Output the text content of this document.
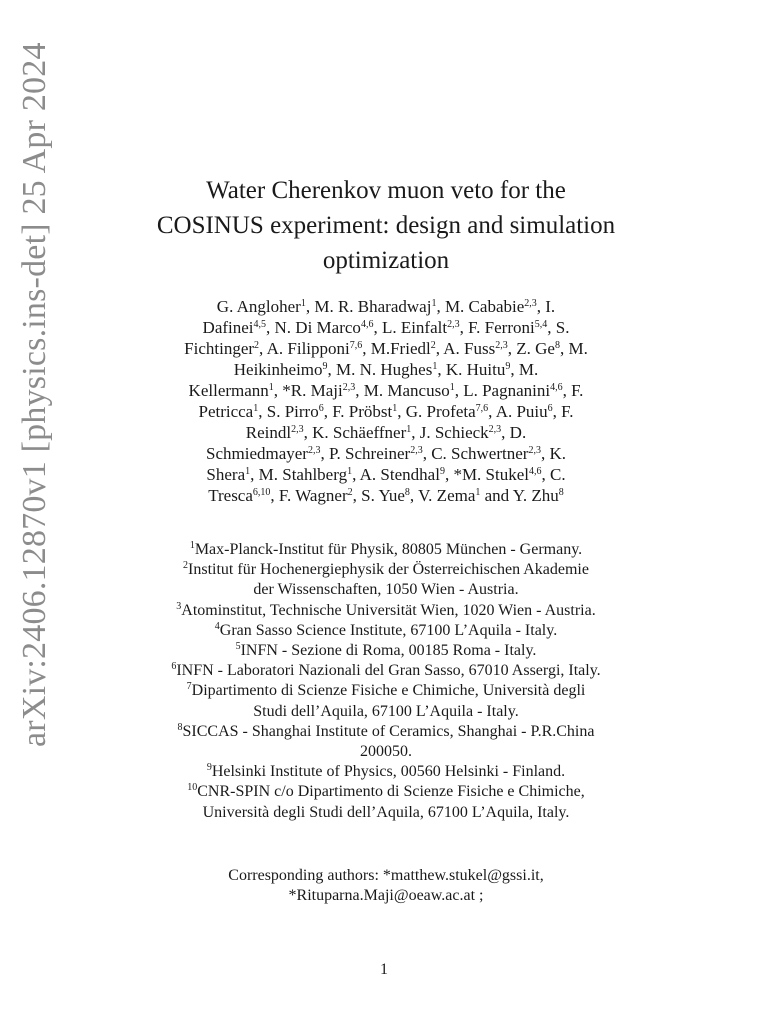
arXiv:2406.12870v1 [physics.ins-det] 25 Apr 2024	Water Cherenkov muon veto for the
COSINUS experiment: design and simulation
optimization
G. Angloher$^1$, M. R. Bharadwaj$^1$, M. Cababie$^{2,3}$, I.
Dafinei$^{4,5}$, N. Di Marco$^{4,6}$, L. Einfalt$^{2,3}$, F. Ferroni$^{5,4}$, S.
Fichtinger$^2$, A. Filipponi$^{7,6}$, M.Friedl$^2$, A. Fuss$^{2,3}$, Z. Ge$^8$, M.
Heikinheimo$^9$, M. N. Hughes$^1$, K. Huitu$^9$, M.
Kellermann$^1$, *R. Maji$^{2,3}$, M. Mancuso$^1$, L. Pagnanini$^{4,6}$, F.
Petricca$^1$, S. Pirro$^6$, F. Pröbst$^1$, G. Profeta$^{7,6}$, A. Puiu$^6$, F.
Reindl$^{2,3}$, K. Schäeffner$^1$, J. Schieck$^{2,3}$, D.
Schmiedmayer$^{2,3}$, P. Schreiner$^{2,3}$, C. Schwertner$^{2,3}$, K.
Shera$^1$, M. Stahlberg$^1$, A. Stendhal$^9$, *M. Stukel$^{4,6}$, C.
Tresca$^{6,10}$, F. Wagner$^2$, S. Yue$^8$, V. Zema$^1$ and Y. Zhu$^8$
$^1$Max-Planck-Institut für Physik, 80805 München - Germany.
$^2$Institut für Hochenergiephysik der Österreichischen Akademie
der Wissenschaften, 1050 Wien - Austria.
$^3$Atominstitut, Technische Universität Wien, 1020 Wien - Austria.
$^4$Gran Sasso Science Institute, 67100 L’Aquila - Italy.
$^5$INFN - Sezione di Roma, 00185 Roma - Italy.
$^6$INFN - Laboratori Nazionali del Gran Sasso, 67010 Assergi, Italy.
$^7$Dipartimento di Scienze Fisiche e Chimiche, Università degli
Studi dell’Aquila, 67100 L’Aquila - Italy.
$^8$SICCAS - Shanghai Institute of Ceramics, Shanghai - P.R.China
200050.
$^9$Helsinki Institute of Physics, 00560 Helsinki - Finland.
$^{10}$CNR-SPIN c/o Dipartimento di Scienze Fisiche e Chimiche,
Università degli Studi dell’Aquila, 67100 L’Aquila, Italy.
Corresponding authors: *matthew.stukel@gssi.it,
*Rituparna.Maji@oeaw.ac.at ;
1
